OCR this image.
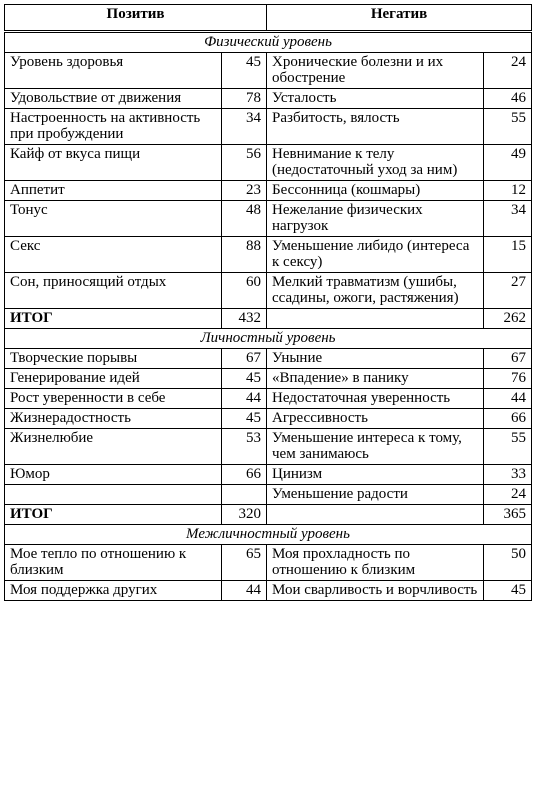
Позитив		Негатив	
Физический уровень			
Уровень здоровья	45	Хронические болезни и их обострение	24
Удовольствие от движения	78	Усталость	46
Настроенность на активность при пробуждении	34	Разбитость, вялость	55
Кайф от вкуса пищи	56	Невнимание к телу (недостаточный уход за ним)	49
Аппетит	23	Бессонница (кошмары)	12
Тонус	48	Нежелание физических нагрузок	34
Секс	88	Уменьшение либидо (интереса к сексу)	15
Сон, приносящий отдых	60	Мелкий травматизм (ушибы, ссадины, ожоги, растяжения)	27
ИТОГ	432		262
Личностный уровень			
Творческие порывы	67	Уныние	67
Генерирование идей	45	«Впадение» в панику	76
Рост уверенности в себе	44	Недостаточная уверенность	44
Жизнерадостность	45	Агрессивность	66
Жизнелюбие	53	Уменьшение интереса к тому, чем занимаюсь	55
Юмор	66	Цинизм	33
		Уменьшение радости	24
ИТОГ	320		365
Межличностный уровень			
Мое тепло по отношению к близким	65	Моя прохладность по отношению к близким	50
Моя поддержка других	44	Мои сварливость и ворчливость	45
